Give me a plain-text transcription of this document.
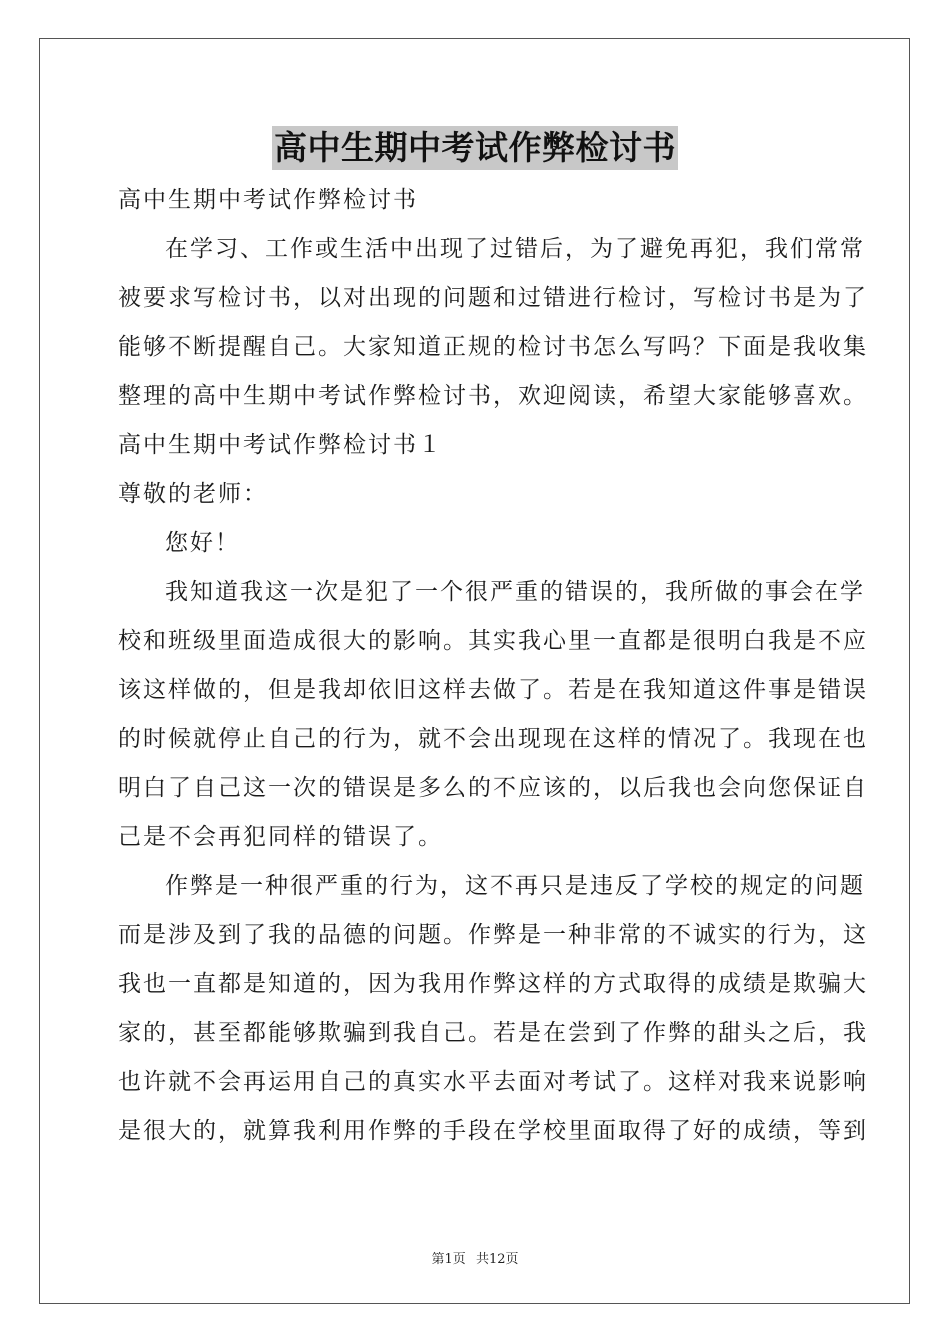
高中生期中考试作弊检讨书
高中生期中考试作弊检讨书
在学习、工作或生活中出现了过错后，为了避免再犯，我们常常
被要求写检讨书，以对出现的问题和过错进行检讨，写检讨书是为了
能够不断提醒自己。大家知道正规的检讨书怎么写吗？下面是我收集
整理的高中生期中考试作弊检讨书，欢迎阅读，希望大家能够喜欢。
高中生期中考试作弊检讨书１
尊敬的老师：
您好！
我知道我这一次是犯了一个很严重的错误的，我所做的事会在学
校和班级里面造成很大的影响。其实我心里一直都是很明白我是不应
该这样做的，但是我却依旧这样去做了。若是在我知道这件事是错误
的时候就停止自己的行为，就不会出现现在这样的情况了。我现在也
明白了自己这一次的错误是多么的不应该的，以后我也会向您保证自
己是不会再犯同样的错误了。
作弊是一种很严重的行为，这不再只是违反了学校的规定的问题
而是涉及到了我的品德的问题。作弊是一种非常的不诚实的行为，这
我也一直都是知道的，因为我用作弊这样的方式取得的成绩是欺骗大
家的，甚至都能够欺骗到我自己。若是在尝到了作弊的甜头之后，我
也许就不会再运用自己的真实水平去面对考试了。这样对我来说影响
是很大的，就算我利用作弊的手段在学校里面取得了好的成绩，等到
第1页 共12页
